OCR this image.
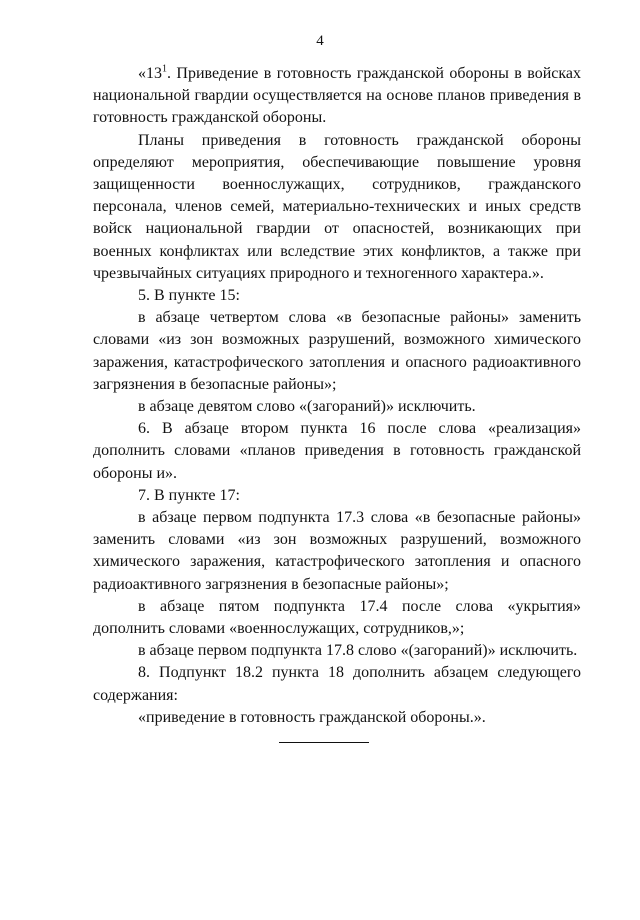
4

«$13^1$. Приведение в готовность гражданской обороны в войсках национальной гвардии осуществляется на основе планов приведения в готовность гражданской обороны.

Планы приведения в готовность гражданской обороны определяют мероприятия, обеспечивающие повышение уровня защищенности военнослужащих, сотрудников, гражданского персонала, членов семей, материально-технических и иных средств войск национальной гвардии от опасностей, возникающих при военных конфликтах или вследствие этих конфликтов, а также при чрезвычайных ситуациях природного и техногенного характера.».

5. В пункте 15:

в абзаце четвертом слова «в безопасные районы» заменить словами «из зон возможных разрушений, возможного химического заражения, катастрофического затопления и опасного радиоактивного загрязнения в безопасные районы»;

в абзаце девятом слово «(загораний)» исключить.

6. В абзаце втором пункта 16 после слова «реализация» дополнить словами «планов приведения в готовность гражданской обороны и».

7. В пункте 17:

в абзаце первом подпункта 17.3 слова «в безопасные районы» заменить словами «из зон возможных разрушений, возможного химического заражения, катастрофического затопления и опасного радиоактивного загрязнения в безопасные районы»;

в абзаце пятом подпункта 17.4 после слова «укрытия» дополнить словами «военнослужащих, сотрудников,»;

в абзаце первом подпункта 17.8 слово «(загораний)» исключить.

8. Подпункт 18.2 пункта 18 дополнить абзацем следующего содержания:

«приведение в готовность гражданской обороны.».
